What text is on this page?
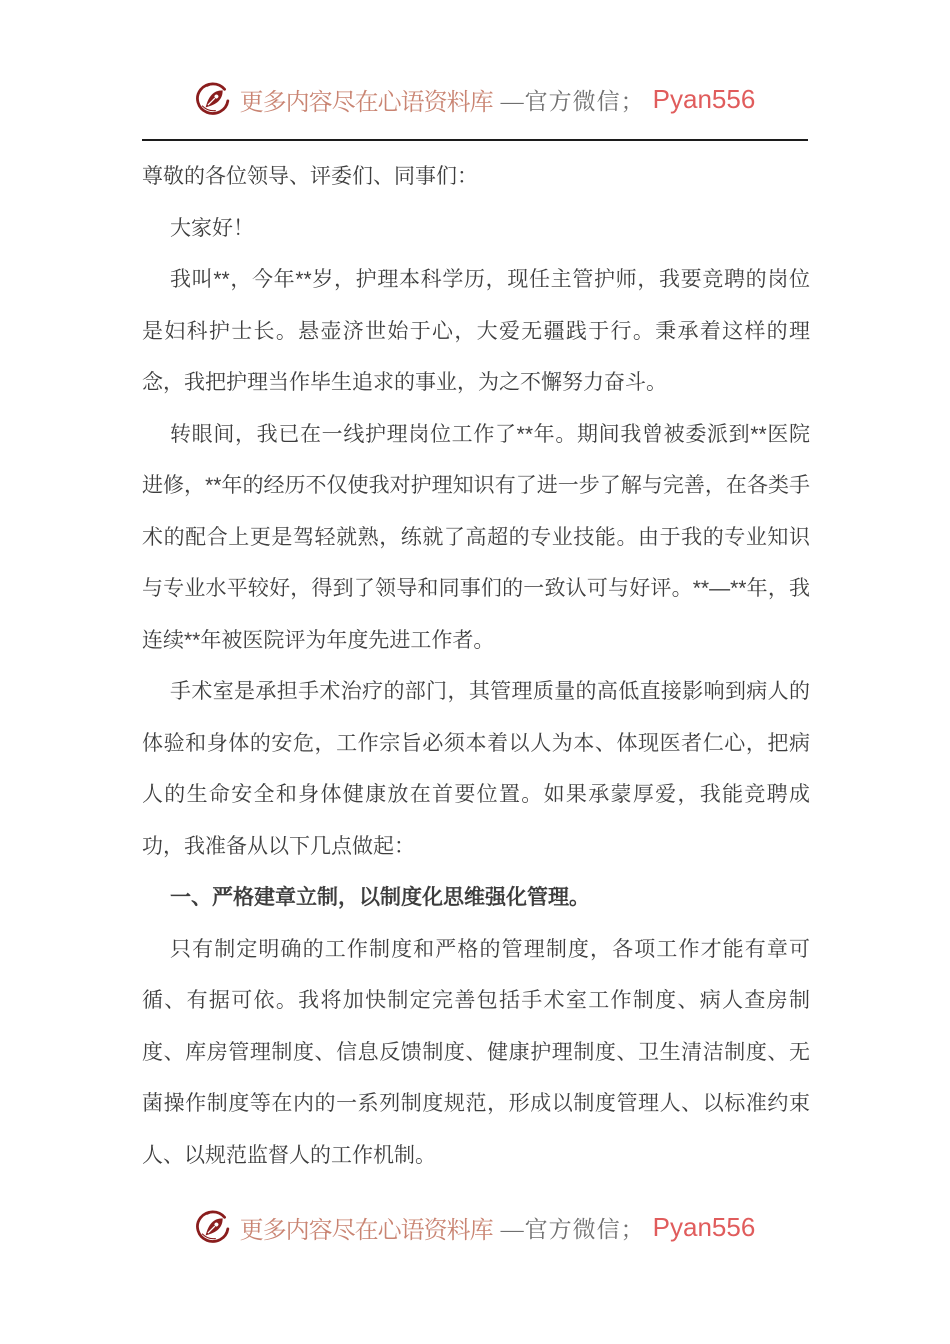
更多内容尽在心语资料库 —官方微信； Pyan556

尊敬的各位领导、评委们、同事们：

大家好！

我叫**，今年**岁，护理本科学历，现任主管护师，我要竞聘的岗位是妇科护士长。悬壶济世始于心，大爱无疆践于行。秉承着这样的理念，我把护理当作毕生追求的事业，为之不懈努力奋斗。

转眼间，我已在一线护理岗位工作了**年。期间我曾被委派到**医院进修，**年的经历不仅使我对护理知识有了进一步了解与完善，在各类手术的配合上更是驾轻就熟，练就了高超的专业技能。由于我的专业知识与专业水平较好，得到了领导和同事们的一致认可与好评。**—**年，我连续**年被医院评为年度先进工作者。

手术室是承担手术治疗的部门，其管理质量的高低直接影响到病人的体验和身体的安危，工作宗旨必须本着以人为本、体现医者仁心，把病人的生命安全和身体健康放在首要位置。如果承蒙厚爱，我能竞聘成功，我准备从以下几点做起：

一、严格建章立制，以制度化思维强化管理。

只有制定明确的工作制度和严格的管理制度，各项工作才能有章可循、有据可依。我将加快制定完善包括手术室工作制度、病人查房制度、库房管理制度、信息反馈制度、健康护理制度、卫生清洁制度、无菌操作制度等在内的一系列制度规范，形成以制度管理人、以标准约束人、以规范监督人的工作机制。

更多内容尽在心语资料库 —官方微信； Pyan556
